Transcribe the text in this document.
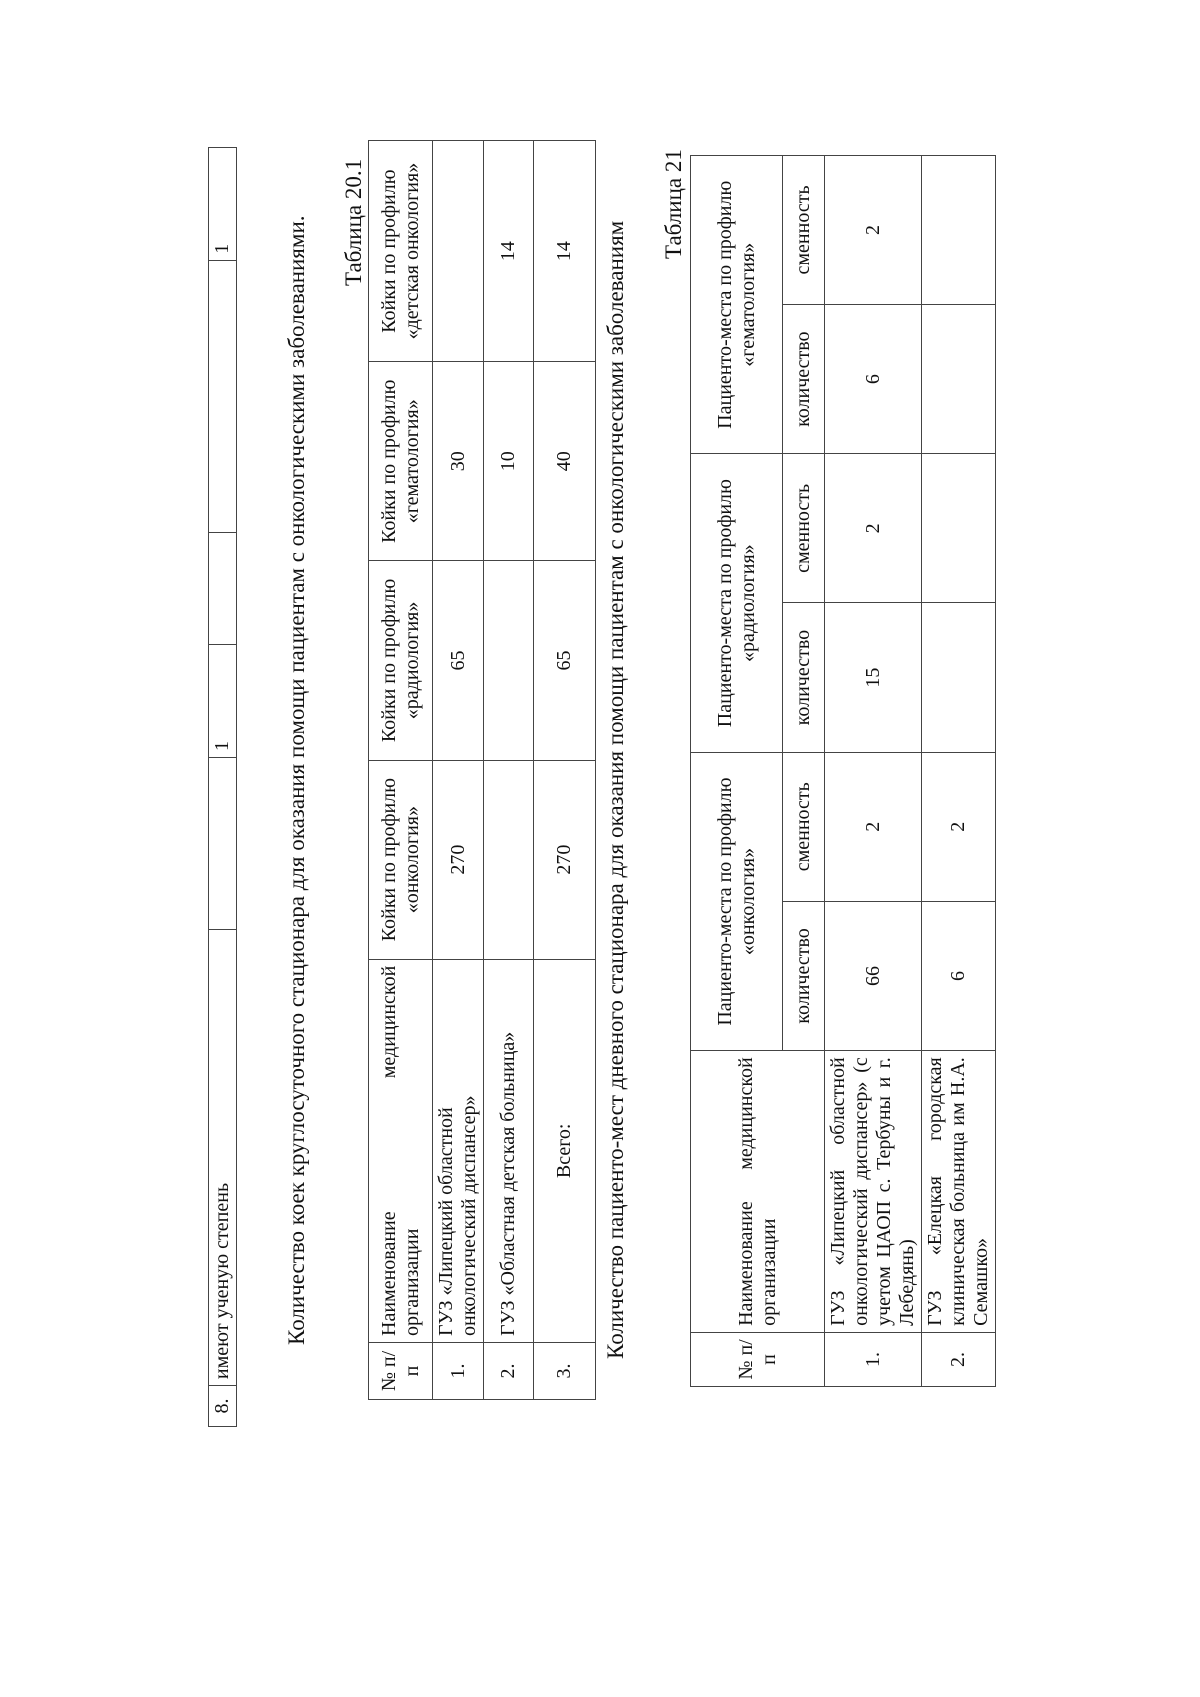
8.	имеют ученую степень		1			1 Количество коек круглосуточного стационара для оказания помощи пациентам с онкологическими заболеваниями. Таблица 20.1
№ п/п	Наименование медицинской
организации	Койки по профилю «онкология»	Койки по профилю «радиология»	Койки по профилю «гематология»	Койки по профилю «детская онкология»
1.	ГУЗ «Липецкий областной онкологический диспансер»	270	65	30	
2.	ГУЗ «Областная детская больница»			10	14
3.	Всего:	270	65	40	14 Количество пациенто-мест дневного стационара для оказания помощи пациентам с онкологическими заболеваниям
Таблица 21
№ п/п	Наименование медицинской
организации	Пациенто-места по профилю «онкология»		Пациенто-места по профилю «радиология»		Пациенто-места по профилю «гематология»	
		количество	сменность	количество	сменность	количество	сменность
1.	ГУЗ «Липецкий областной онкологический диспансер» (с учетом ЦАОП с. Тербуны и г. Лебедянь)	66	2	15	2	6	2
2.	ГУЗ «Елецкая городская клиническая больница им Н.А. Семашко»	6	2				
